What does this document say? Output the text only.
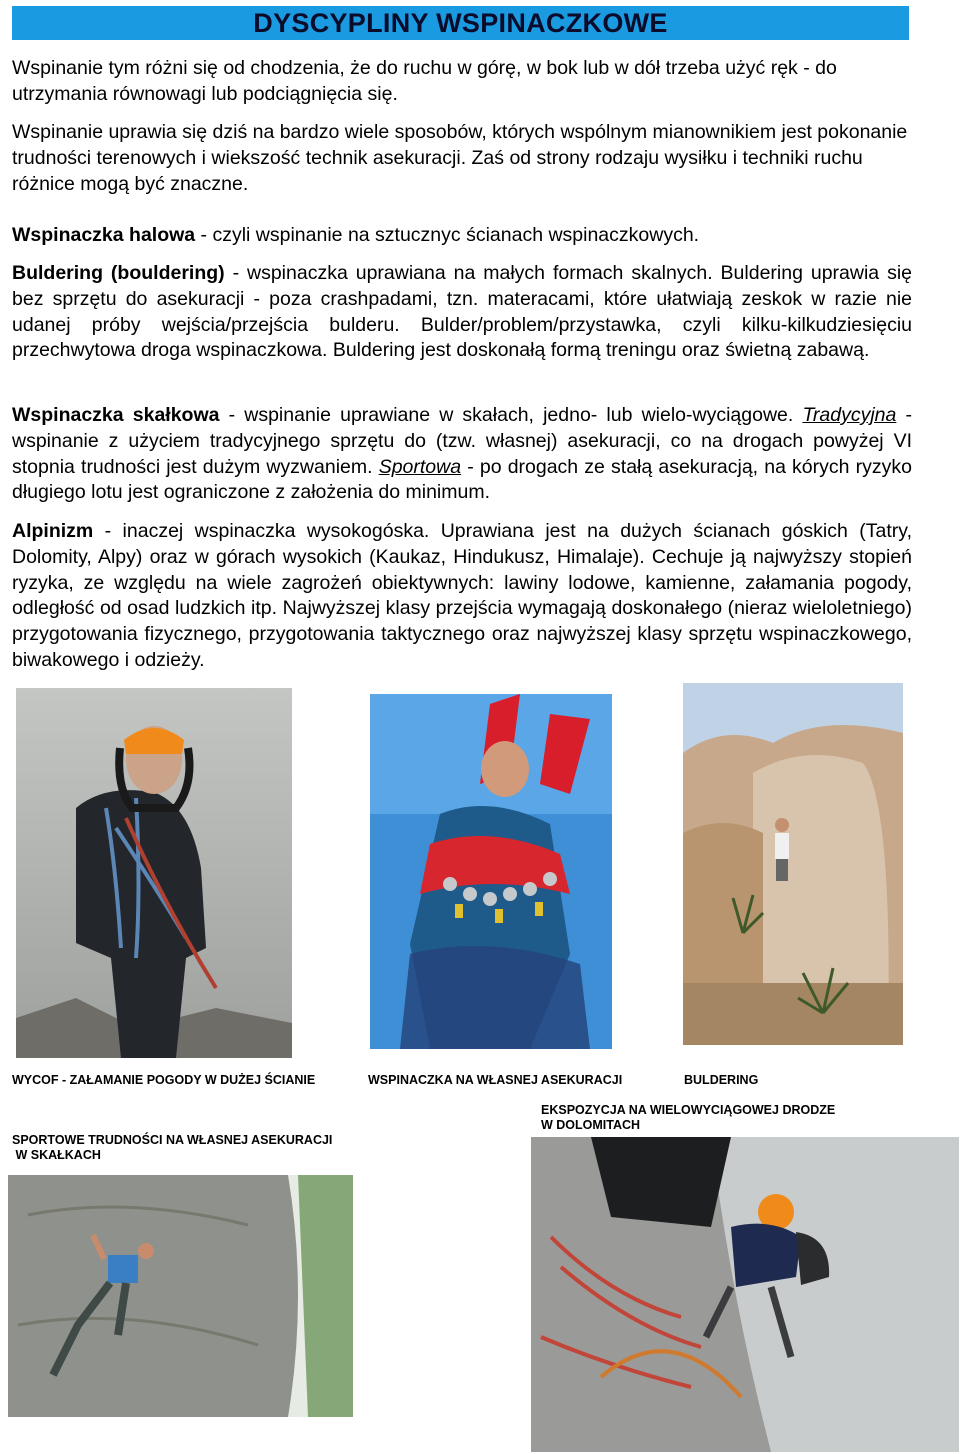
DYSCYPLINY WSPINACZKOWE

Wspinanie tym różni się od chodzenia, że do ruchu w górę, w bok lub w dół trzeba użyć ręk - do utrzymania równowagi lub podciągnięcia się.

Wspinanie uprawia się dziś na bardzo wiele sposobów, których wspólnym mianownikiem jest pokonanie trudności terenowych i wiekszość technik asekuracji. Zaś od strony rodzaju wysiłku i techniki ruchu różnice mogą być znaczne.

Wspinaczka halowa - czyli wspinanie na sztucznyc ścianach wspinaczkowych.

Buldering (bouldering) - wspinaczka uprawiana na małych formach skalnych. Buldering uprawia się bez sprzętu do asekuracji - poza crashpadami, tzn. materacami, które ułatwiają zeskok w razie nie udanej próby wejścia/przejścia bulderu. Bulder/problem/przystawka, czyli kilku-kilkudziesięciu przechwytowa droga wspinaczkowa. Buldering jest doskonałą formą treningu oraz świetną zabawą.

Wspinaczka skałkowa - wspinanie uprawiane w skałach, jedno- lub wielo-wyciągowe. Tradycyjna - wspinanie z użyciem tradycyjnego sprzętu do (tzw. własnej) asekuracji, co na drogach powyżej VI stopnia trudności jest dużym wyzwaniem. Sportowa - po drogach ze stałą asekuracją, na kórych ryzyko długiego lotu jest ograniczone z założenia do minimum.

Alpinizm - inaczej wspinaczka wysokogóska. Uprawiana jest na dużych ścianach góskich (Tatry, Dolomity, Alpy) oraz w górach wysokich (Kaukaz, Hindukusz, Himalaje). Cechuje ją najwyższy stopień ryzyka, ze względu na wiele zagrożeń obiektywnych: lawiny lodowe, kamienne, załamania pogody, odległość od osad ludzkich itp. Najwyższej klasy przejścia wymagają doskonałego (nieraz wieloletniego) przygotowania fizycznego, przygotowania taktycznego oraz najwyższej klasy sprzętu wspinaczkowego, biwakowego i odzieży.

WYCOF - ZAŁAMANIE POGODY W DUŻEJ ŚCIANIE	WSPINACZKA NA WŁASNEJ ASEKURACJI	BULDERING
EKSPOZYCJA NA WIELOWYCIĄGOWEJ DRODZE
W DOLOMITACH
SPORTOWE TRUDNOŚCI NA WŁASNEJ ASEKURACJI
W SKAŁKACH
